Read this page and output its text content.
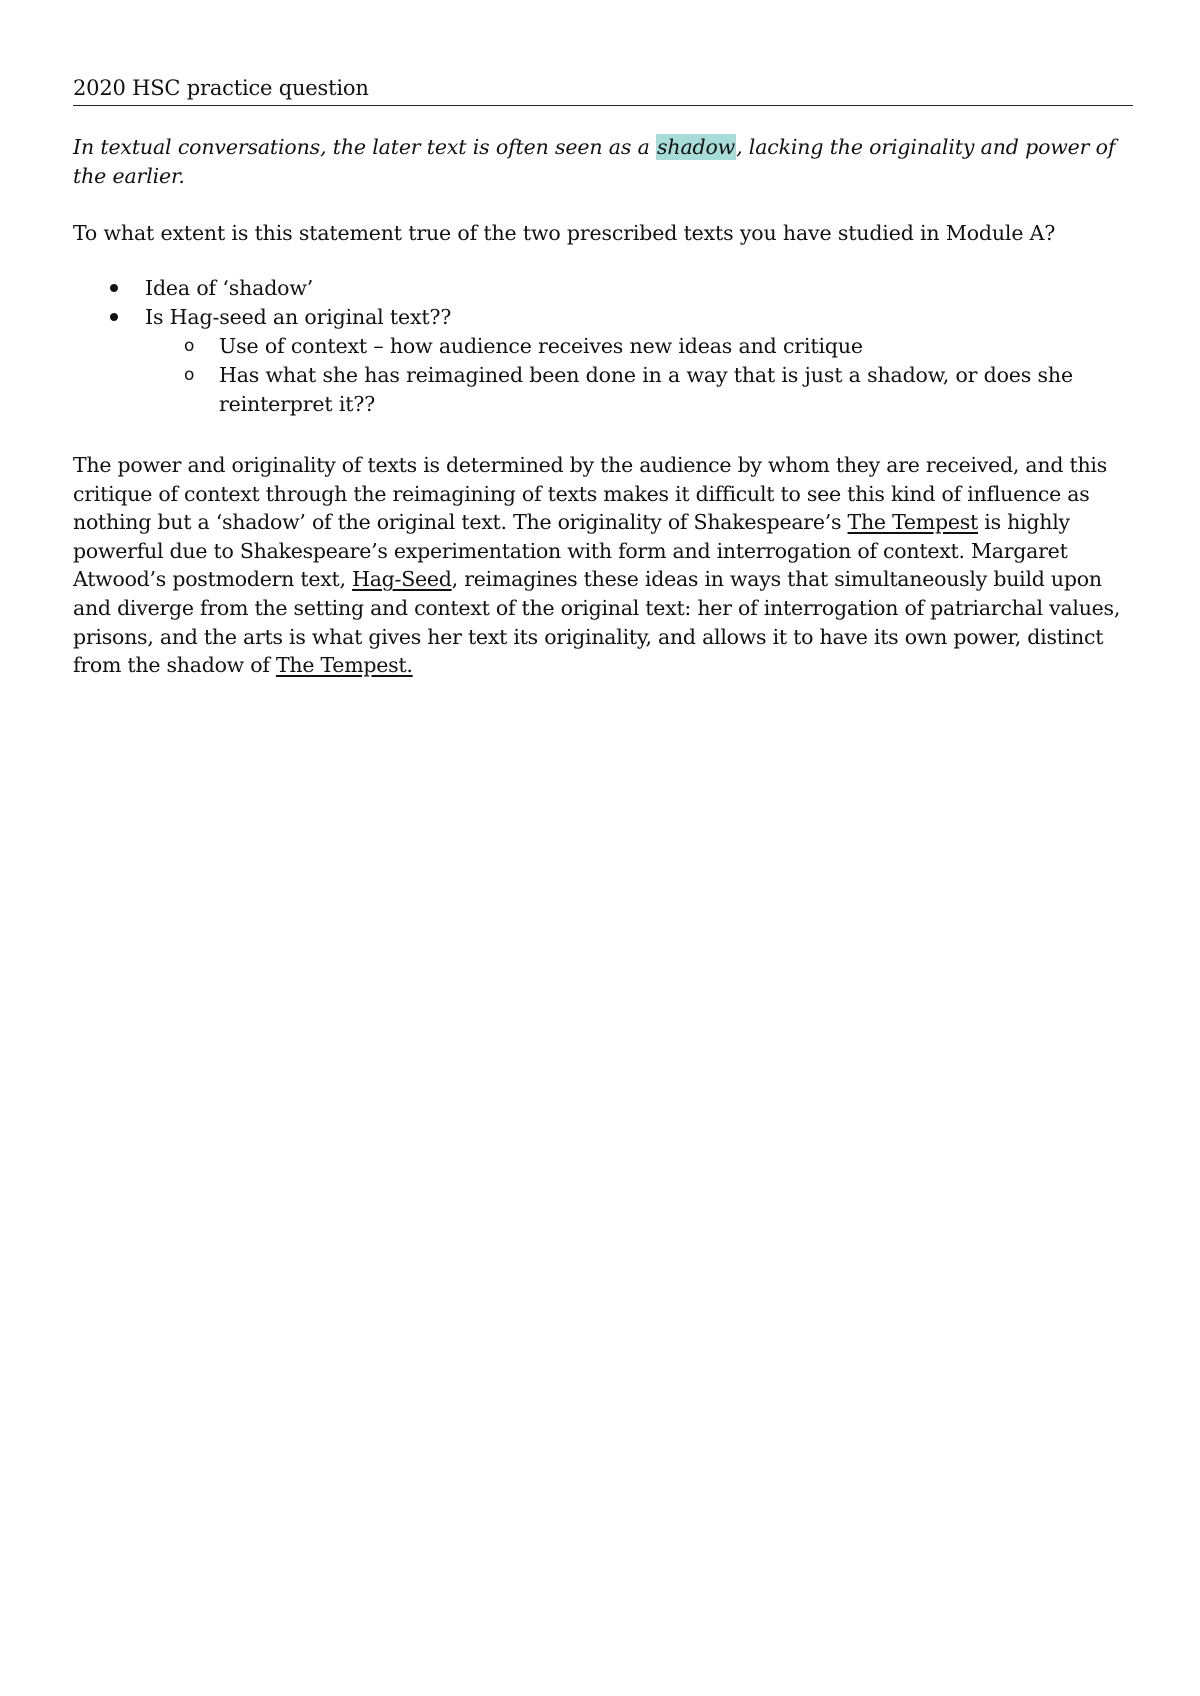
2020 HSC practice question
In textual conversations, the later text is often seen as a shadow, lacking the originality and power of the earlier.
To what extent is this statement true of the two prescribed texts you have studied in Module A?
Idea of ‘shadow’
Is Hag-seed an original text??
o Use of context – how audience receives new ideas and critique
o Has what she has reimagined been done in a way that is just a shadow, or does she reinterpret it??
The power and originality of texts is determined by the audience by whom they are received, and this critique of context through the reimagining of texts makes it difficult to see this kind of influence as nothing but a ‘shadow’ of the original text. The originality of Shakespeare’s The Tempest is highly powerful due to Shakespeare’s experimentation with form and interrogation of context. Margaret Atwood’s postmodern text, Hag-Seed, reimagines these ideas in ways that simultaneously build upon and diverge from the setting and context of the original text: her of interrogation of patriarchal values, prisons, and the arts is what gives her text its originality, and allows it to have its own power, distinct from the shadow of The Tempest.
